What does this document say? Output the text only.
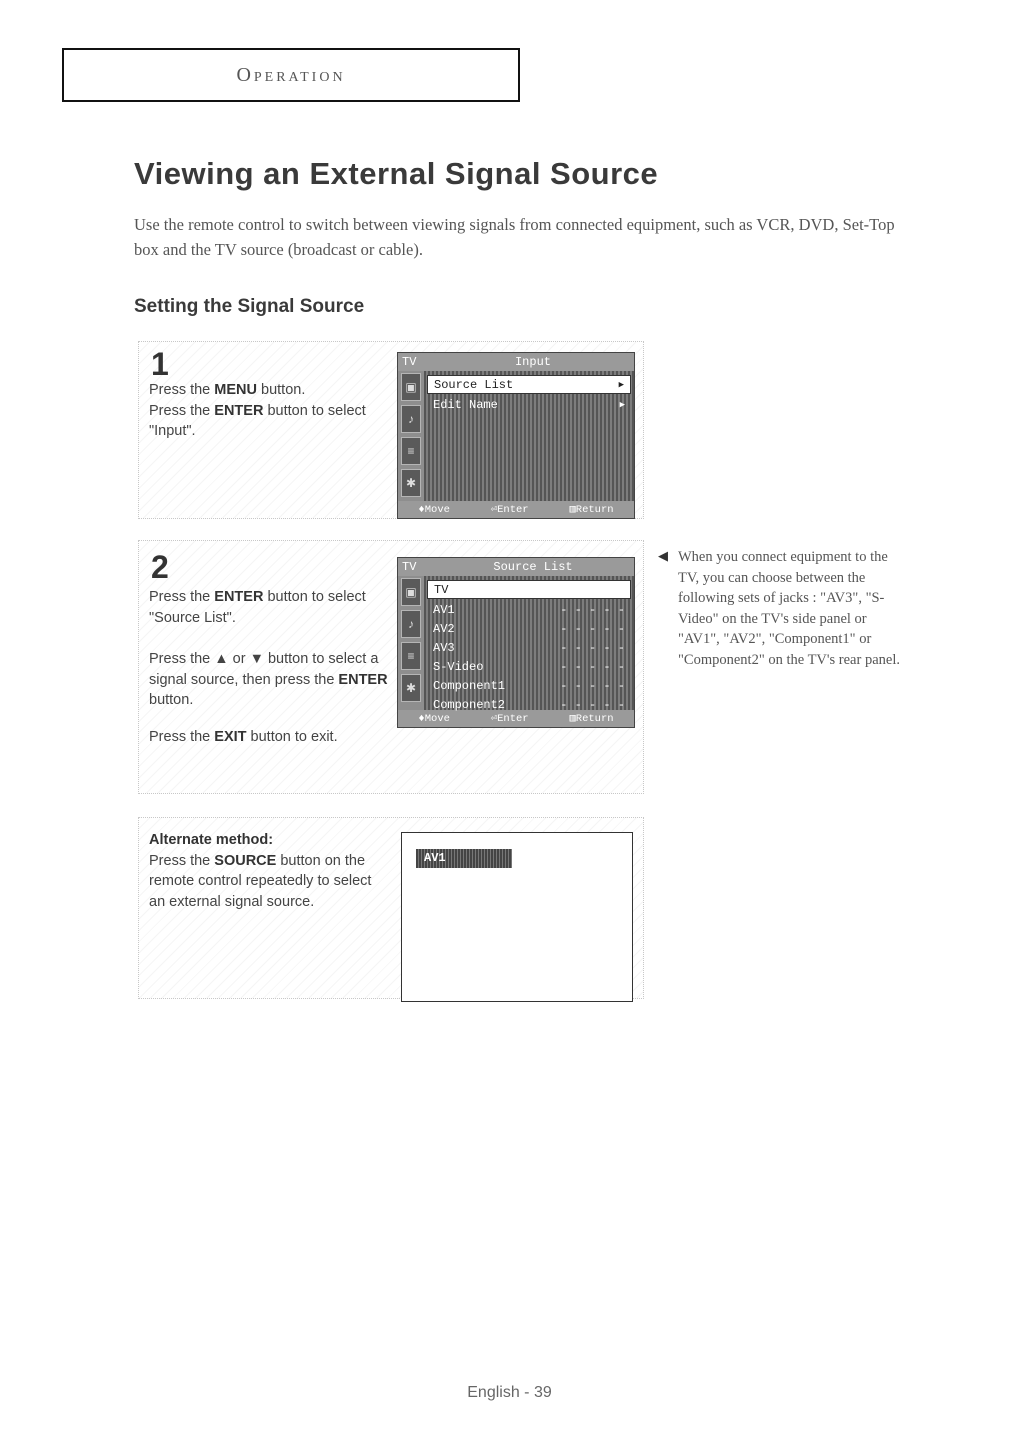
Operation
Viewing an External Signal Source

Use the remote control to switch between viewing signals from connected equipment, such as VCR, DVD, Set-Top box and the TV source (broadcast or cable).

Setting the Signal Source
1

Press the MENU button.
Press the ENTER button to select "Input".

TV	Input
▣
♪
≡
✱
Source List	▶
Edit Name	▶
♦Move	⏎Enter	▥Return
2

Press the ENTER button to select "Source List".

Press the ▲ or ▼ button to select a signal source, then press the ENTER button.

Press the EXIT button to exit.

TV	Source List
▣
♪
≡
✱
TV
AV1	- - - - -
AV2	- - - - -
AV3	- - - - -
S-Video	- - - - -
Component1	- - - - -
Component2	- - - - -
♦Move	⏎Enter	▥Return
◀ When you connect equipment to the TV, you can choose between the following sets of jacks : "AV3", "S-Video" on the TV's side panel or "AV1", "AV2", "Component1" or "Component2" on the TV's rear panel.

Alternate method:
Press the SOURCE button on the remote control repeatedly to select an external signal source.

AV1

English - 39
